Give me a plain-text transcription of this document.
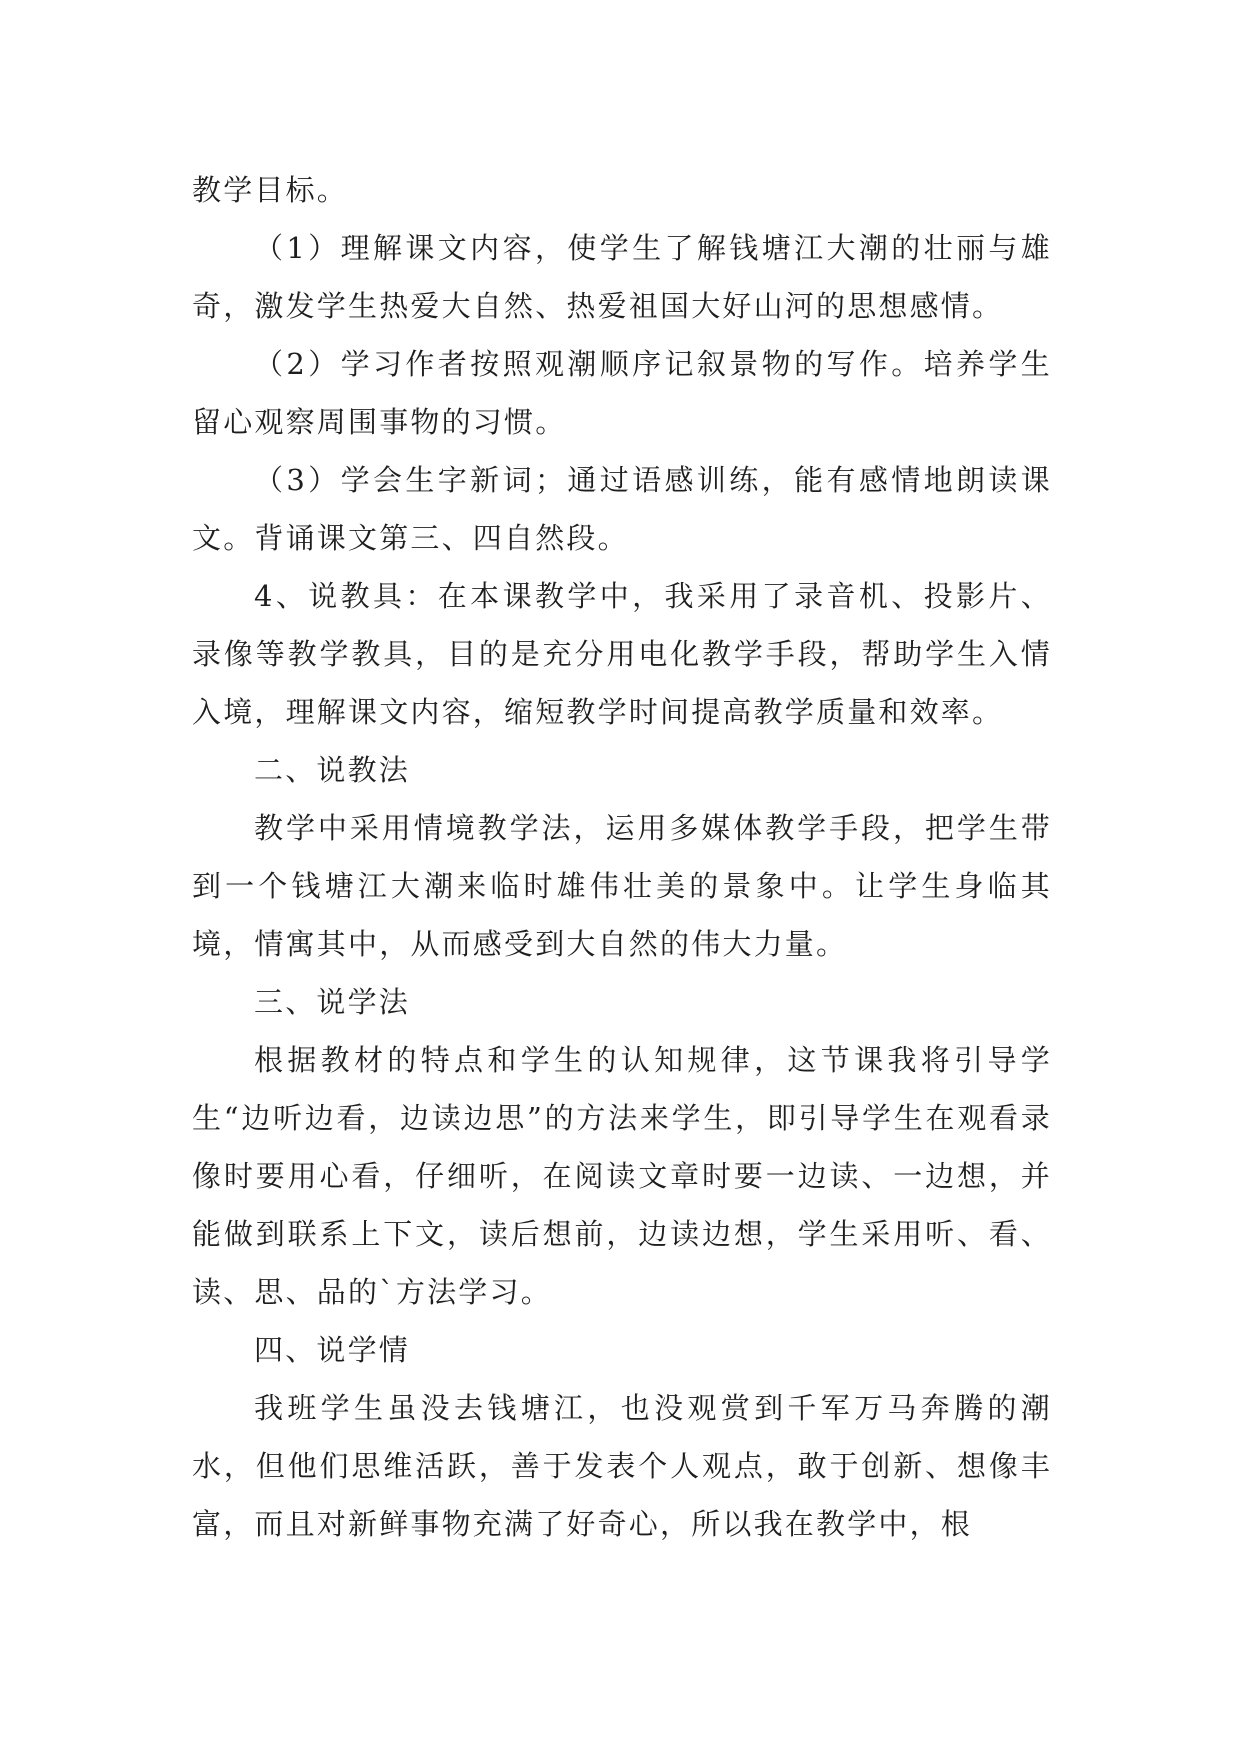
教学目标。

（1）理解课文内容，使学生了解钱塘江大潮的壮丽与雄奇，激发学生热爱大自然、热爱祖国大好山河的思想感情。

（2）学习作者按照观潮顺序记叙景物的写作。培养学生留心观察周围事物的习惯。

（3）学会生字新词；通过语感训练，能有感情地朗读课文。背诵课文第三、四自然段。

4、说教具：在本课教学中，我采用了录音机、投影片、录像等教学教具，目的是充分用电化教学手段，帮助学生入情入境，理解课文内容，缩短教学时间提高教学质量和效率。

二、说教法

教学中采用情境教学法，运用多媒体教学手段，把学生带到一个钱塘江大潮来临时雄伟壮美的景象中。让学生身临其境，情寓其中，从而感受到大自然的伟大力量。

三、说学法

根据教材的特点和学生的认知规律，这节课我将引导学生“边听边看，边读边思”的方法来学生，即引导学生在观看录像时要用心看，仔细听，在阅读文章时要一边读、一边想，并能做到联系上下文，读后想前，边读边想，学生采用听、看、读、思、品的`方法学习。

四、说学情

我班学生虽没去钱塘江，也没观赏到千军万马奔腾的潮水，但他们思维活跃，善于发表个人观点，敢于创新、想像丰富，而且对新鲜事物充满了好奇心，所以我在教学中，根
